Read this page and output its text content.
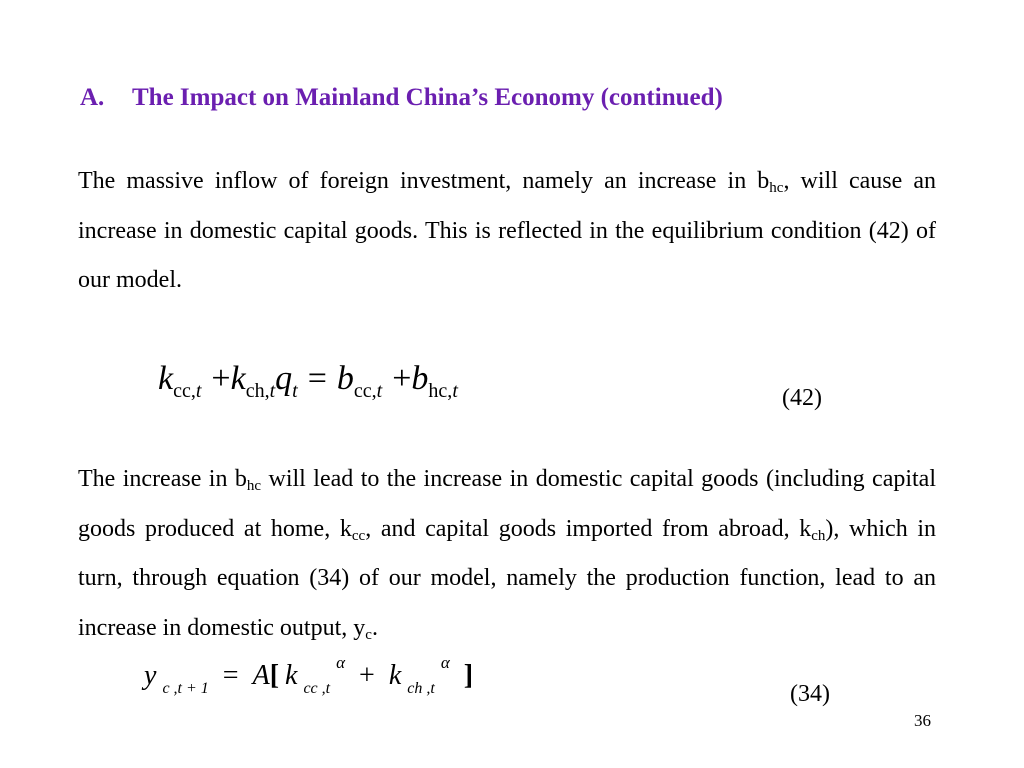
A. The Impact on Mainland China’s Economy (continued)
The massive inflow of foreign investment, namely an increase in $b_{hc}$, will cause an increase in domestic capital goods. This is reflected in the equilibrium condition (42) of our model.
$k_{cc,t} +k_{ch,t}q_t = b_{cc,t} +b_{hc,t}$	(42)
The increase in $b_{hc}$ will lead to the increase in domestic capital goods (including capital goods produced at home, $k_{cc}$, and capital goods imported from abroad, $k_{ch}$), which in turn, through equation (34) of our model, namely the production function, lead to an increase in domestic output, $y_c$.
y $_{c ,t + 1}$ = A[ k $_{cc ,t}^\alpha$ + k $_{ch ,t}^\alpha$ ]
(34)
36
